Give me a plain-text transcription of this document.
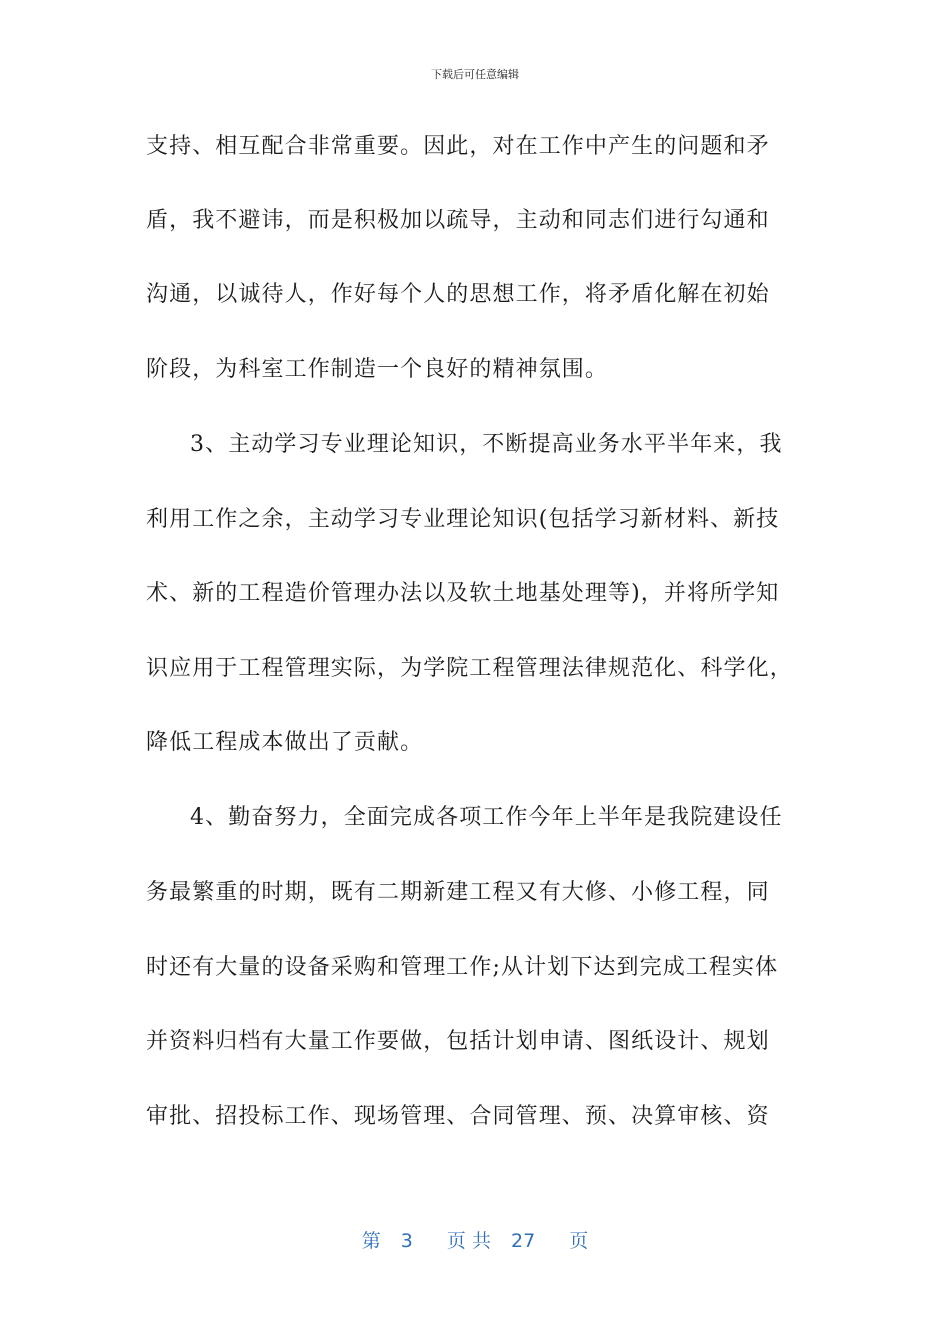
下载后可任意编辑
支持、相互配合非常重要。因此，对在工作中产生的问题和矛
盾，我不避讳，而是积极加以疏导，主动和同志们进行勾通和
沟通，以诚待人，作好每个人的思想工作，将矛盾化解在初始
阶段，为科室工作制造一个良好的精神氛围。
3、主动学习专业理论知识，不断提高业务水平半年来，我
利用工作之余，主动学习专业理论知识(包括学习新材料、新技
术、新的工程造价管理办法以及软土地基处理等)，并将所学知
识应用于工程管理实际，为学院工程管理法律规范化、科学化，
降低工程成本做出了贡献。
4、勤奋努力，全面完成各项工作今年上半年是我院建设任
务最繁重的时期，既有二期新建工程又有大修、小修工程，同
时还有大量的设备采购和管理工作;从计划下达到完成工程实体
并资料归档有大量工作要做，包括计划申请、图纸设计、规划
审批、招投标工作、现场管理、合同管理、预、决算审核、资
第 3 页 共 27 页
